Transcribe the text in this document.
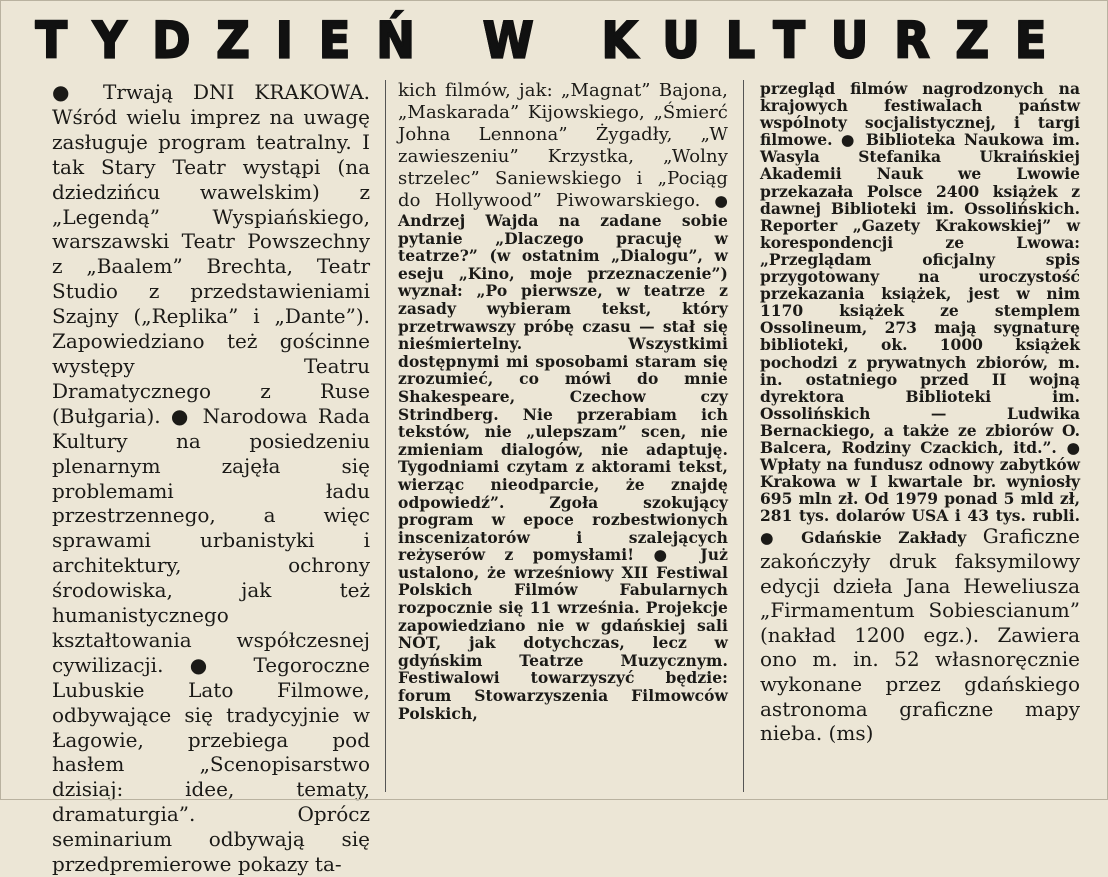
TYDZIEŃ W KULTURZE
● Trwają DNI KRAKOWA. Wśród wielu imprez na uwagę zasługuje program teatralny. I tak Stary Teatr wystąpi (na dziedzińcu wawelskim) z „Legendą” Wyspiańskiego, warszawski Teatr Powszechny z „Baalem” Brechta, Teatr Studio z przedstawieniami Szajny („Replika” i „Dante”). Zapowiedziano też gościnne występy Teatru Dramatycznego z Ruse (Bułgaria). ● Narodowa Rada Kultury na posiedzeniu plenarnym zajęła się problemami ładu przestrzennego, a więc sprawami urbanistyki i architektury, ochrony środowiska, jak też humanistycznego kształtowania współczesnej cywilizacji. ● Tegoroczne Lubuskie Lato Filmowe, odbywające się tradycyjnie w Łagowie, przebiega pod hasłem „Scenopisarstwo dzisiaj: idee, tematy, dramaturgia”. Oprócz seminarium odbywają się przedpremierowe pokazy ta-
kich filmów, jak: „Magnat” Bajona, „Maskarada” Kijowskiego, „Śmierć Johna Lennona” Żygadły, „W zawieszeniu” Krzystka, „Wolny strzelec” Saniewskiego i „Pociąg do Hollywood” Piwowarskiego. ● Andrzej Wajda na zadane sobie pytanie „Dlaczego pracuję w teatrze?” (w ostatnim „Dialogu”, w eseju „Kino, moje przeznaczenie”) wyznał: „Po pierwsze, w teatrze z zasady wybieram tekst, który przetrwawszy próbę czasu — stał się nieśmiertelny. Wszystkimi dostępnymi mi sposobami staram się zrozumieć, co mówi do mnie Shakespeare, Czechow czy Strindberg. Nie przerabiam ich tekstów, nie „ulepszam” scen, nie zmieniam dialogów, nie adaptuję. Tygodniami czytam z aktorami tekst, wierząc nieodparcie, że znajdę odpowiedź”. Zgoła szokujący program w epoce rozbestwionych inscenizatorów i szalejących reżyserów z pomysłami! ● Już ustalono, że wrześniowy XII Festiwal Polskich Filmów Fabularnych rozpocznie się 11 września. Projekcje zapowiedziano nie w gdańskiej sali NOT, jak dotychczas, lecz w gdyńskim Teatrze Muzycznym. Festiwalowi towarzyszyć będzie: forum Stowarzyszenia Filmowców Polskich,
przegląd filmów nagrodzonych na krajowych festiwalach państw wspólnoty socjalistycznej, i targi filmowe. ● Biblioteka Naukowa im. Wasyla Stefanika Ukraińskiej Akademii Nauk we Lwowie przekazała Polsce 2400 książek z dawnej Biblioteki im. Ossolińskich. Reporter „Gazety Krakowskiej” w korespondencji ze Lwowa: „Przeglądam oficjalny spis przygotowany na uroczystość przekazania książek, jest w nim 1170 książek ze stemplem Ossolineum, 273 mają sygnaturę biblioteki, ok. 1000 książek pochodzi z prywatnych zbiorów, m. in. ostatniego przed II wojną dyrektora Biblioteki im. Ossolińskich — Ludwika Bernackiego, a także ze zbiorów O. Balcera, Rodziny Czackich, itd.”. ● Wpłaty na fundusz odnowy zabytków Krakowa w I kwartale br. wyniosły 695 mln zł. Od 1979 ponad 5 mld zł, 281 tys. dolarów USA i 43 tys. rubli. ● Gdańskie Zakłady Graficzne zakończyły druk faksymilowy edycji dzieła Jana Heweliusza „Firmamentum Sobiescianum” (nakład 1200 egz.). Zawiera ono m. in. 52 własnoręcznie wykonane przez gdańskiego astronoma graficzne mapy nieba. (ms)
